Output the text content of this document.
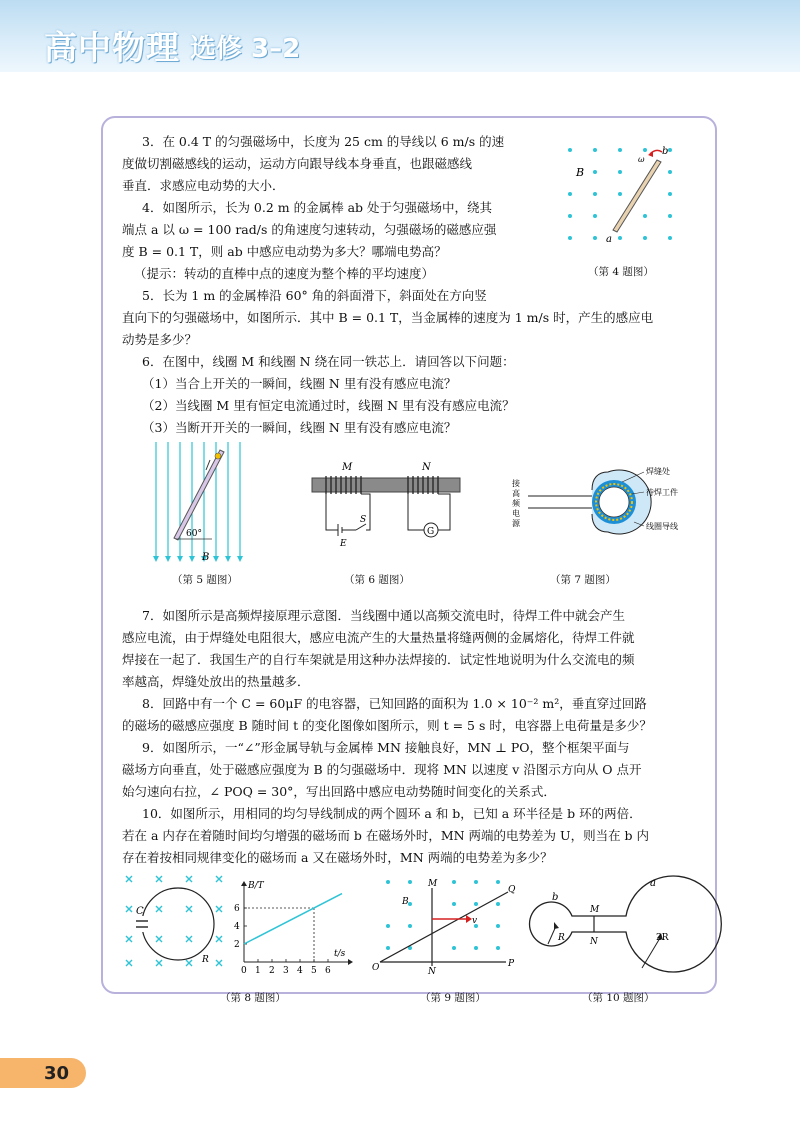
高中物理 选修 3–2
3．在 0.4 T 的匀强磁场中，长度为 25 cm 的导线以 6 m/s 的速
度做切割磁感线的运动，运动方向跟导线本身垂直，也跟磁感线
垂直．求感应电动势的大小．
4．如图所示，长为 0.2 m 的金属棒 ab 处于匀强磁场中，绕其
端点 a 以 ω = 100 rad/s 的角速度匀速转动，匀强磁场的磁感应强
度 B = 0.1 T，则 ab 中感应电动势为多大？哪端电势高？
（提示：转动的直棒中点的速度为整个棒的平均速度）
B
ω
a
b
（第 4 题图）
5．长为 1 m 的金属棒沿 60° 角的斜面滑下，斜面处在方向竖
直向下的匀强磁场中，如图所示．其中 B = 0.1 T，当金属棒的速度为 1 m/s 时，产生的感应电
动势是多少？
6．在图中，线圈 M 和线圈 N 绕在同一铁芯上．请回答以下问题：
（1）当合上开关的一瞬间，线圈 N 里有没有感应电流？
（2）当线圈 M 里有恒定电流通过时，线圈 N 里有没有感应电流？
（3）当断开开关的一瞬间，线圈 N 里有没有感应电流？
60°
B
（第 5 题图）
M	N
S
E
G
（第 6 题图）
接
高
频
电
源
焊缝处
待焊工件
线圈导线
（第 7 题图）
7．如图所示是高频焊接原理示意图．当线圈中通以高频交流电时，待焊工件中就会产生
感应电流，由于焊缝处电阻很大，感应电流产生的大量热量将缝两侧的金属熔化，待焊工件就
焊接在一起了．我国生产的自行车架就是用这种办法焊接的．试定性地说明为什么交流电的频
率越高，焊缝处放出的热量越多．
8．回路中有一个 C = 60μF 的电容器，已知回路的面积为 1.0 × 10⁻² m²，垂直穿过回路
的磁场的磁感应强度 B 随时间 t 的变化图像如图所示，则 t = 5 s 时，电容器上电荷量是多少？
9．如图所示，一“∠”形金属导轨与金属棒 MN 接触良好，MN ⊥ PO，整个框架平面与
磁场方向垂直，处于磁感应强度为 B 的匀强磁场中．现将 MN 以速度 v 沿图示方向从 O 点开
始匀速向右拉，∠ POQ = 30°，写出回路中感应电动势随时间变化的关系式．
10．如图所示，用相同的均匀导线制成的两个圆环 a 和 b，已知 a 环半径是 b 环的两倍．
若在 a 内存在着随时间均匀增强的磁场而 b 在磁场外时，MN 两端的电势差为 U，则当在 b 内
存在着按相同规律变化的磁场而 a 又在磁场外时，MN 两端的电势差为多少？
C
R
0 1 2 3 4 5 6
2
4
6
B/T
t/s
（第 8 题图）
M
N
O	P
Q
B
v
（第 9 题图）
a
b
M
N
R	2R
（第 10 题图）
30
